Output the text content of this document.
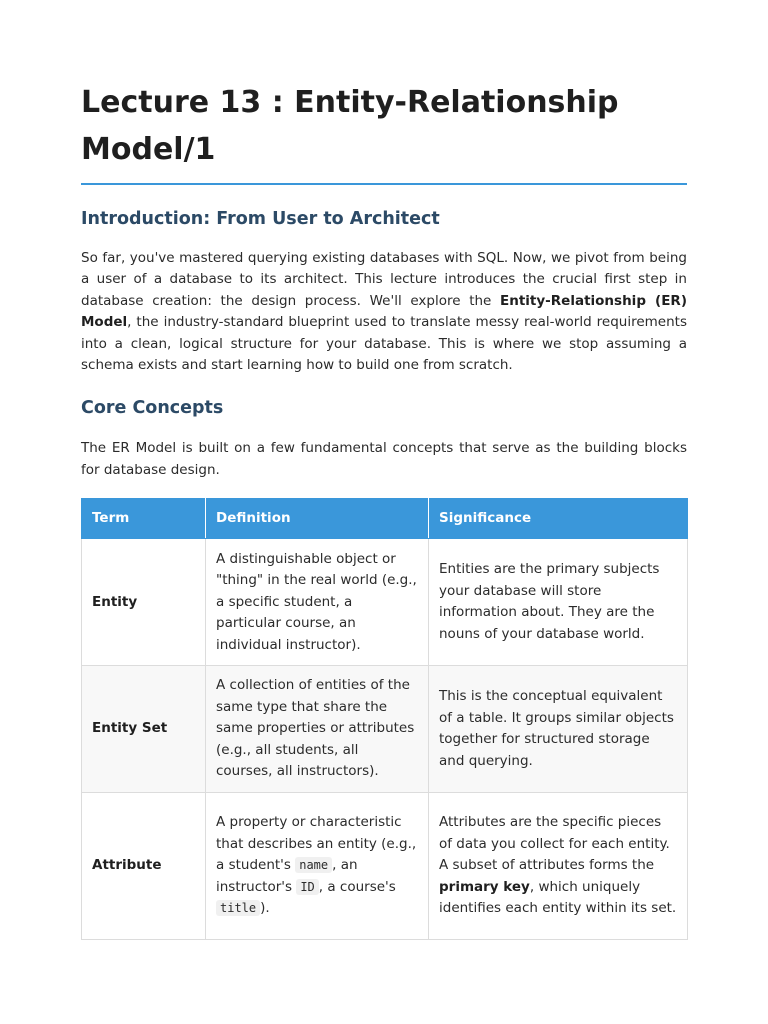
Lecture 13 : Entity-Relationship Model/1
Introduction: From User to Architect

So far, you've mastered querying existing databases with SQL. Now, we pivot from being a user of a database to its architect. This lecture introduces the crucial first step in database creation: the design process. We'll explore the Entity-Relationship (ER) Model, the industry-standard blueprint used to translate messy real-world requirements into a clean, logical structure for your database. This is where we stop assuming a schema exists and start learning how to build one from scratch.

Core Concepts

The ER Model is built on a few fundamental concepts that serve as the building blocks for database design.

Term	Definition	Significance
Entity	A distinguishable object or "thing" in the real world (e.g., a specific student, a particular course, an individual instructor).	Entities are the primary subjects your database will store information about. They are the nouns of your database world.
Entity Set	A collection of entities of the same type that share the same properties or attributes (e.g., all students, all courses, all instructors).	This is the conceptual equivalent of a table. It groups similar objects together for structured storage and querying.
Attribute	A property or characteristic that describes an entity (e.g., a student's name , an instructor's ID , a course's title ).	Attributes are the specific pieces of data you collect for each entity. A subset of attributes forms the primary key, which uniquely identifies each entity within its set.
